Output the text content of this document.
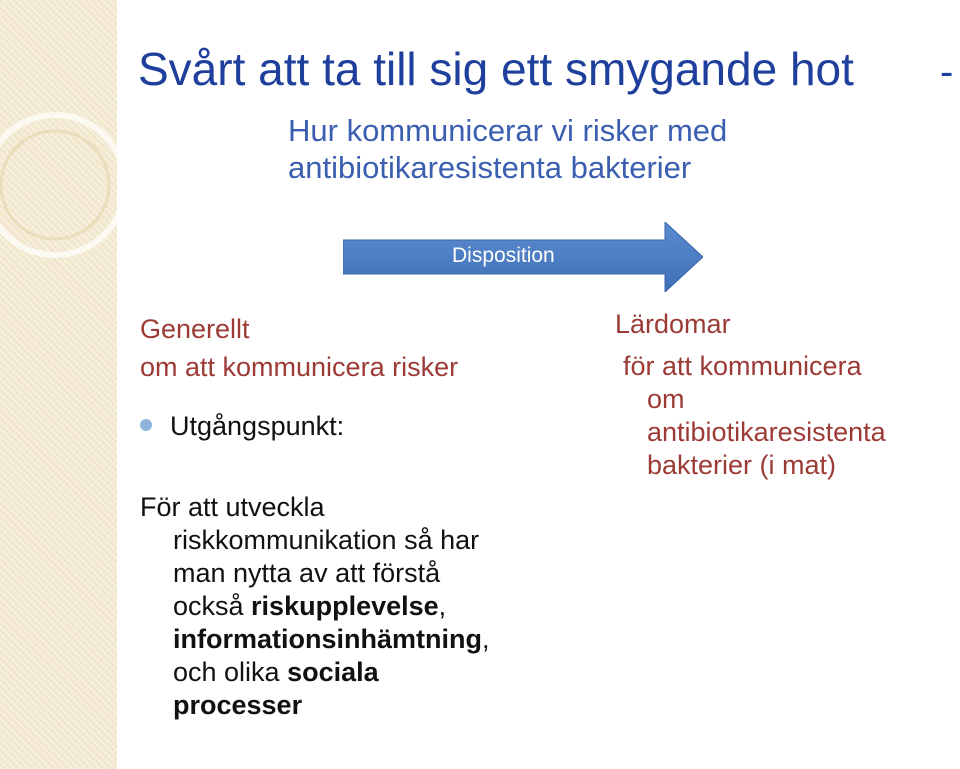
Svårt att ta till sig ett smygande hot -
Hur kommunicerar vi risker med
antibiotikaresistenta bakterier
Disposition
Generellt
om att kommunicera risker
Utgångspunkt:
För att utveckla
riskkommunikation så har
man nytta av att förstå
också riskupplevelse,
informationsinhämtning,
och olika sociala
processer
Lärdomar
för att kommunicera
om
antibiotikaresistenta
bakterier (i mat)
